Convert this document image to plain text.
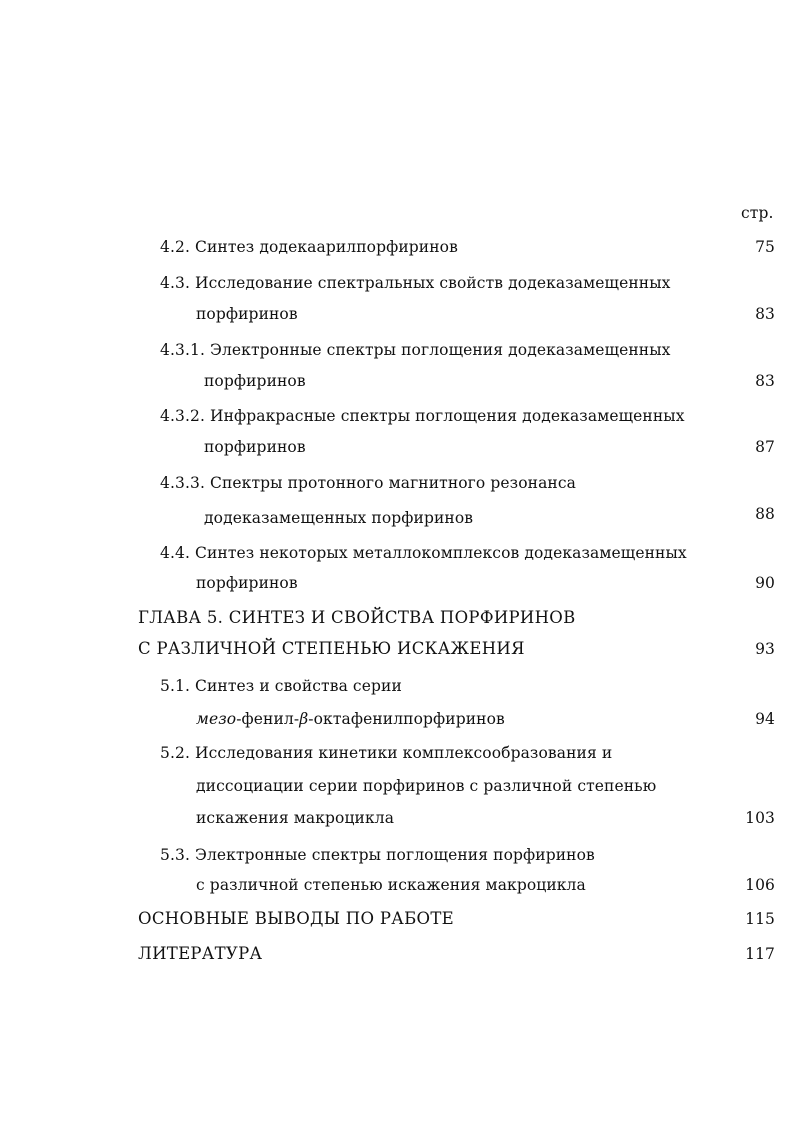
стр.
4.2. Синтез додекаарилпорфиринов	75
4.3. Исследование спектральных свойств додеказамещенных
порфиринов	83
4.3.1. Электронные спектры поглощения додеказамещенных
порфиринов	83
4.3.2. Инфракрасные спектры поглощения додеказамещенных
порфиринов	87
4.3.3. Спектры протонного магнитного резонанса
додеказамещенных порфиринов	88
4.4. Синтез некоторых металлокомплексов додеказамещенных
порфиринов	90
ГЛАВА 5. СИНТЕЗ И СВОЙСТВА ПОРФИРИНОВ
С РАЗЛИЧНОЙ СТЕПЕНЬЮ ИСКАЖЕНИЯ	93
5.1. Синтез и свойства серии
мезо-фенил-β-октафенилпорфиринов	94
5.2. Исследования кинетики комплексообразования и
диссоциации серии порфиринов с различной степенью
искажения макроцикла	103
5.3. Электронные спектры поглощения порфиринов
с различной степенью искажения макроцикла	106
ОСНОВНЫЕ ВЫВОДЫ ПО РАБОТЕ	115
ЛИТЕРАТУРА	117
